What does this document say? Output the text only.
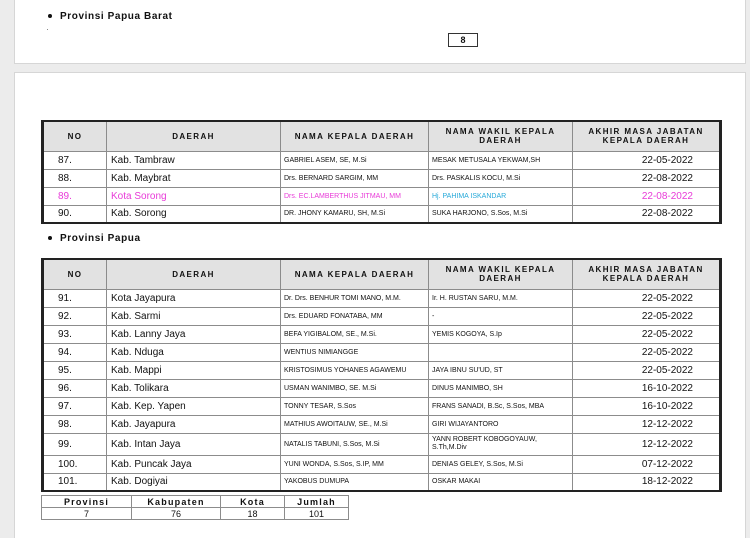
Provinsi Papua Barat
8
NO	DAERAH	NAMA KEPALA DAERAH	NAMA WAKIL KEPALA DAERAH	AKHIR MASA JABATAN KEPALA DAERAH
87.	Kab. Tambraw	GABRIEL ASEM, SE, M.Si	MESAK METUSALA YEKWAM,SH	22-05-2022
88.	Kab. Maybrat	Drs. BERNARD SARGIM, MM	Drs. PASKALIS KOCU, M.Si	22-08-2022
89.	Kota Sorong	Drs. EC.LAMBERTHUS JITMAU, MM	Hj. PAHIMA ISKANDAR	22-08-2022
90.	Kab. Sorong	DR. JHONY KAMARU, SH, M.Si	SUKA HARJONO, S.Sos, M.Si	22-08-2022
Provinsi Papua
NO	DAERAH	NAMA KEPALA DAERAH	NAMA WAKIL KEPALA DAERAH	AKHIR MASA JABATAN KEPALA DAERAH
91.	Kota Jayapura	Dr. Drs. BENHUR TOMI MANO, M.M.	Ir. H. RUSTAN SARU, M.M.	22-05-2022
92.	Kab. Sarmi	Drs. EDUARD FONATABA, MM	-	22-05-2022
93.	Kab. Lanny Jaya	BEFA YIGIBALOM, SE., M.Si.	YEMIS KOGOYA, S.Ip	22-05-2022
94.	Kab. Nduga	WENTIUS NIMIANGGE		22-05-2022
95.	Kab. Mappi	KRISTOSIMUS YOHANES AGAWEMU	JAYA IBNU SU'UD, ST	22-05-2022
96.	Kab. Tolikara	USMAN WANIMBO, SE. M.Si	DINUS MANIMBO, SH	16-10-2022
97.	Kab. Kep. Yapen	TONNY TESAR, S.Sos	FRANS SANADI, B.Sc, S.Sos, MBA	16-10-2022
98.	Kab. Jayapura	MATHIUS AWOITAUW, SE., M.Si	GIRI WIJAYANTORO	12-12-2022
99.	Kab. Intan Jaya	NATALIS TABUNI, S.Sos, M.Si	YANN ROBERT KOBOGOYAUW, S.Th,M.Div	12-12-2022
100.	Kab. Puncak Jaya	YUNI WONDA, S.Sos, S.IP, MM	DENIAS GELEY, S.Sos, M.Si	07-12-2022
101.	Kab. Dogiyai	YAKOBUS DUMUPA	OSKAR MAKAI	18-12-2022
Provinsi	Kabupaten	Kota	Jumlah
7	76	18	101
